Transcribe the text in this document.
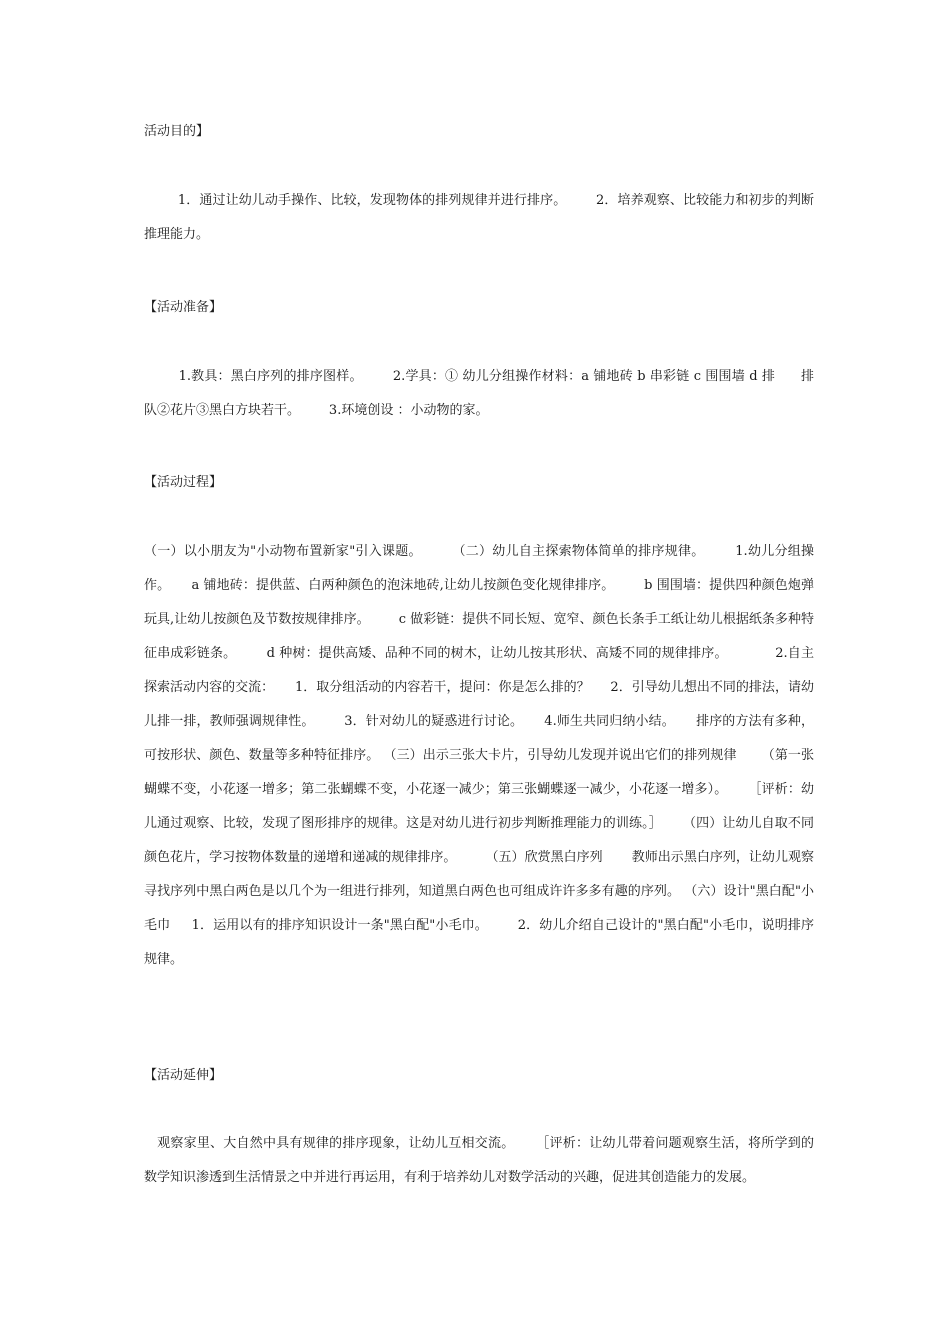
活动目的】

1．通过让幼儿动手操作、比较，发现物体的排列规律并进行排序。       2．培养观察、比较能力和初步的判断推理能力。

【活动准备】

1.教具：黑白序列的排序图样。       2.学具：① 幼儿分组操作材料：a 铺地砖 b 串彩链 c 围围墙 d 排      排队②花片③黑白方块若干。       3.环境创设 ：小动物的家。

【活动过程】

（一）以小朋友为"小动物布置新家"引入课题。       （二）幼儿自主探索物体简单的排序规律。       1.幼儿分组操作。     a 铺地砖：提供蓝、白两种颜色的泡沫地砖,让幼儿按颜色变化规律排序。       b 围围墙：提供四种颜色炮弹玩具,让幼儿按颜色及节数按规律排序。       c 做彩链：提供不同长短、宽窄、颜色长条手工纸让幼儿根据纸条多种特征串成彩链条。       d 种树：提供高矮、品种不同的树木，让幼儿按其形状、高矮不同的规律排序。           2.自主探索活动内容的交流：     1．取分组活动的内容若干，提问：你是怎么排的？     2．引导幼儿想出不同的排法，请幼儿排一排，教师强调规律性。       3．针对幼儿的疑惑进行讨论。     4.师生共同归纳小结。     排序的方法有多种，可按形状、颜色、数量等多种特征排序。 （三）出示三张大卡片，引导幼儿发现并说出它们的排列规律      （第一张蝴蝶不变，小花逐一增多；第二张蝴蝶不变，小花逐一减少；第三张蝴蝶逐一减少，小花逐一增多）。     ［评析：幼儿通过观察、比较，发现了图形排序的规律。这是对幼儿进行初步判断推理能力的训练。］     （四）让幼儿自取不同颜色花片，学习按物体数量的递增和递减的规律排序。       （五）欣赏黑白序列       教师出示黑白序列，让幼儿观察寻找序列中黑白两色是以几个为一组进行排列，知道黑白两色也可组成许许多多有趣的序列。 （六）设计"黑白配"小毛巾     1．运用以有的排序知识设计一条"黑白配"小毛巾。       2．幼儿介绍自己设计的"黑白配"小毛巾，说明排序规律。

【活动延伸】

观察家里、大自然中具有规律的排序现象，让幼儿互相交流。     ［评析：让幼儿带着问题观察生活，将所学到的数学知识渗透到生活情景之中并进行再运用，有利于培养幼儿对数学活动的兴趣，促进其创造能力的发展。
